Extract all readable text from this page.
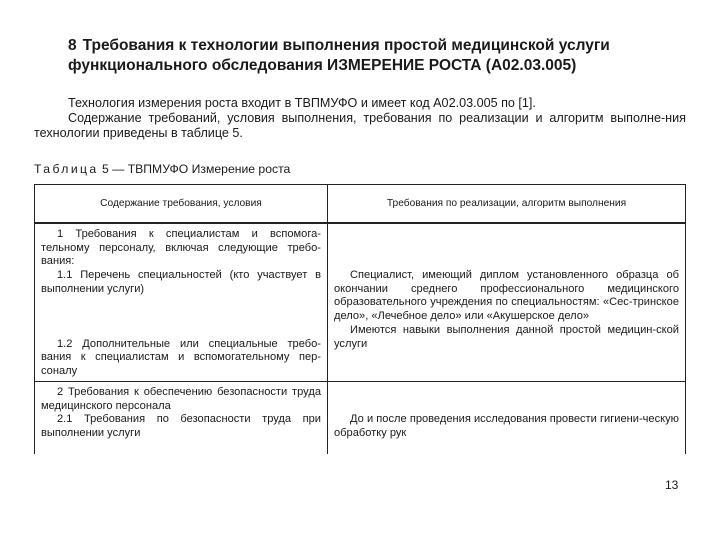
8 Требования к технологии выполнения простой медицинской услуги
функционального обследования ИЗМЕРЕНИЕ РОСТА (А02.03.005)

Технология измерения роста входит в ТВПМУФО и имеет код А02.03.005 по [1].

Содержание требований, условия выполнения, требования по реализации и алгоритм выполне-ния технологии приведены в таблице 5.

Таблица 5 — ТВПМУФО Измерение роста
Содержание требования, условия	Требования по реализации, алгоритм выполнения

1 Требования к специалистам и вспомога-тельному персоналу, включая следующие требо-вания:

1.1 Перечень специальностей (кто участвует в выполнении услуги)

1.2 Дополнительные или специальные требо-вания к специалистам и вспомогательному пер-соналу

Специалист, имеющий диплом установленного образца об окончании среднего профессионального медицинского образовательного учреждения по специальностям: «Сес-тринское дело», «Лечебное дело» или «Акушерское дело»

Имеются навыки выполнения данной простой медицин-ской услуги

2 Требования к обеспечению безопасности труда медицинского персонала

2.1 Требования по безопасности труда при выполнении услуги

До и после проведения исследования провести гигиени-ческую обработку рук

13
